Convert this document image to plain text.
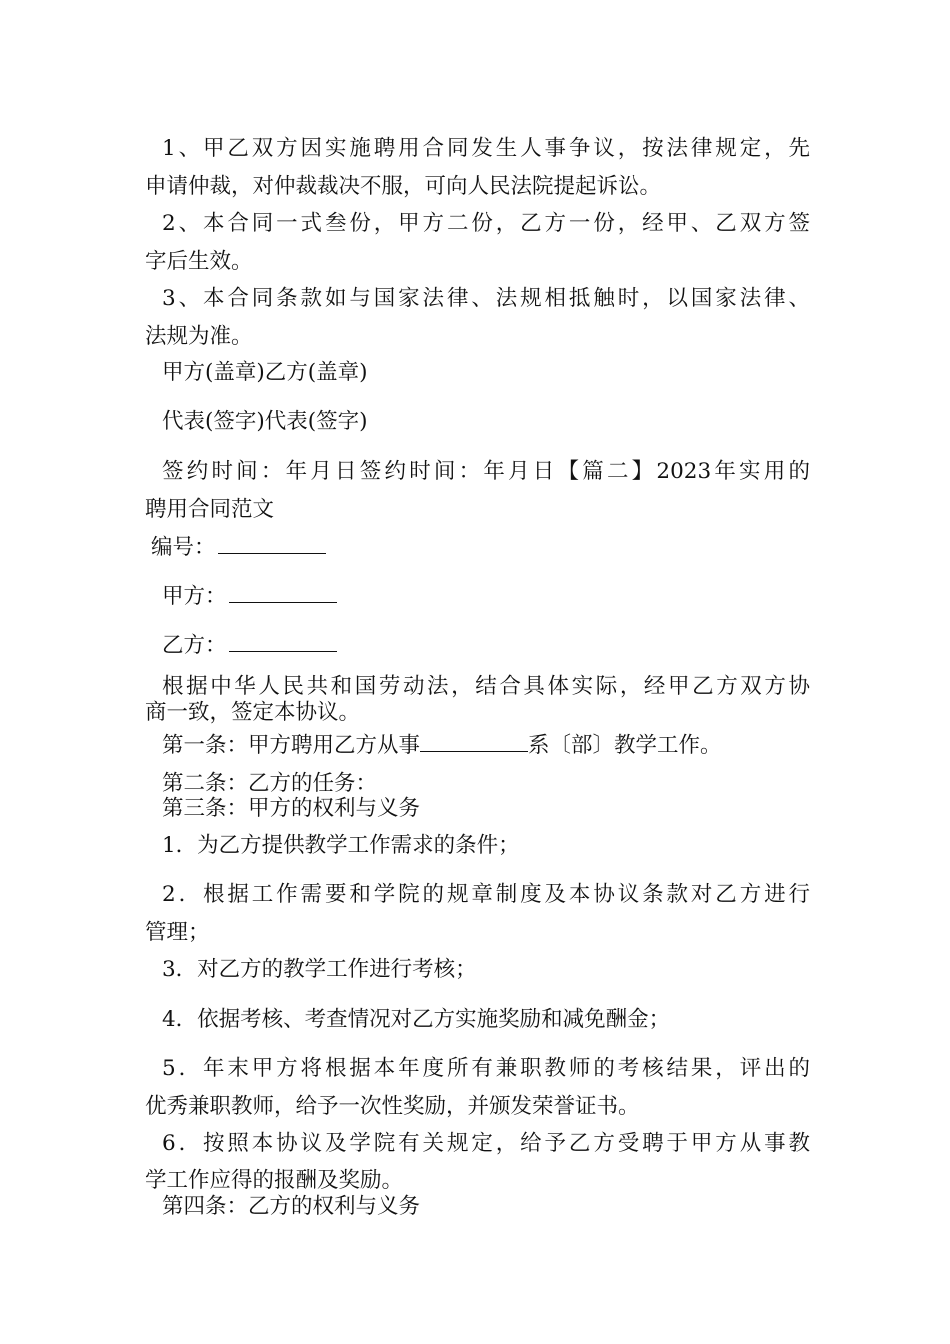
1、甲乙双方因实施聘用合同发生人事争议，按法律规定，先
申请仲裁，对仲裁裁决不服，可向人民法院提起诉讼。
2、本合同一式叁份，甲方二份，乙方一份，经甲、乙双方签
字后生效。
3、本合同条款如与国家法律、法规相抵触时，以国家法律、
法规为准。
甲方(盖章)乙方(盖章)
代表(签字)代表(签字)
签约时间：年月日签约时间：年月日【篇二】2023年实用的
聘用合同范文
编号：
甲方：
乙方：
根据中华人民共和国劳动法，结合具体实际，经甲乙方双方协
商一致，签定本协议。
第一条：甲方聘用乙方从事	系〔部〕教学工作。
第二条：乙方的任务：
第三条：甲方的权利与义务
1．为乙方提供教学工作需求的条件；
2．根据工作需要和学院的规章制度及本协议条款对乙方进行
管理；
3．对乙方的教学工作进行考核；
4．依据考核、考查情况对乙方实施奖励和减免酬金；
5．年末甲方将根据本年度所有兼职教师的考核结果，评出的
优秀兼职教师，给予一次性奖励，并颁发荣誉证书。
6．按照本协议及学院有关规定，给予乙方受聘于甲方从事教
学工作应得的报酬及奖励。
第四条：乙方的权利与义务
